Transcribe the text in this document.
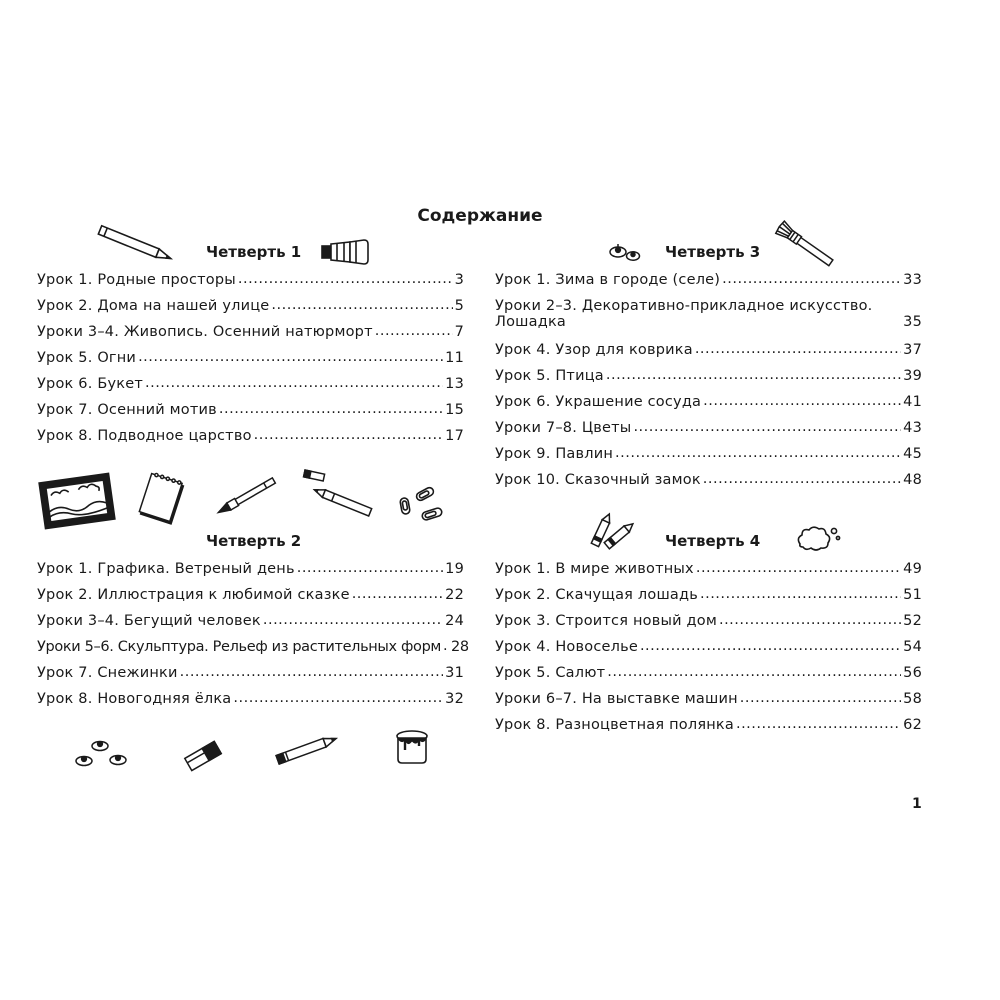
Содержание
Четверть 1
Четверть 2
Четверть 3
Четверть 4
Урок 1. Родные просторы .....	3
Урок 2. Дома на нашей улице .....	5
Уроки 3–4. Живопись. Осенний натюрморт .....	7
Урок 5. Огни .....	11
Урок 6. Букет .....	13
Урок 7. Осенний мотив .....	15
Урок 8. Подводное царство .....	17
Урок 1. Графика. Ветреный день .....	19
Урок 2. Иллюстрация к любимой сказке .....	22
Уроки 3–4. Бегущий человек .....	24
Уроки 5–6. Скульптура. Рельеф из растительных форм ..... 28
Урок 7. Снежинки .....	31
Урок 8. Новогодняя ёлка .....	32
Урок 1. Зима в городе (селе) .....	33
Уроки 2–3. Декоративно-прикладное искусство.
Лошадка	35
Урок 4. Узор для коврика .....	37
Урок 5. Птица .....	39
Урок 6. Украшение сосуда .....	41
Уроки 7–8. Цветы .....	43
Урок 9. Павлин .....	45
Урок 10. Сказочный замок .....	48
Урок 1. В мире животных .....	49
Урок 2. Скачущая лошадь .....	51
Урок 3. Строится новый дом .....	52
Урок 4. Новоселье .....	54
Урок 5. Салют .....	56
Уроки 6–7. На выставке машин .....	58
Урок 8. Разноцветная полянка .....	62
1
